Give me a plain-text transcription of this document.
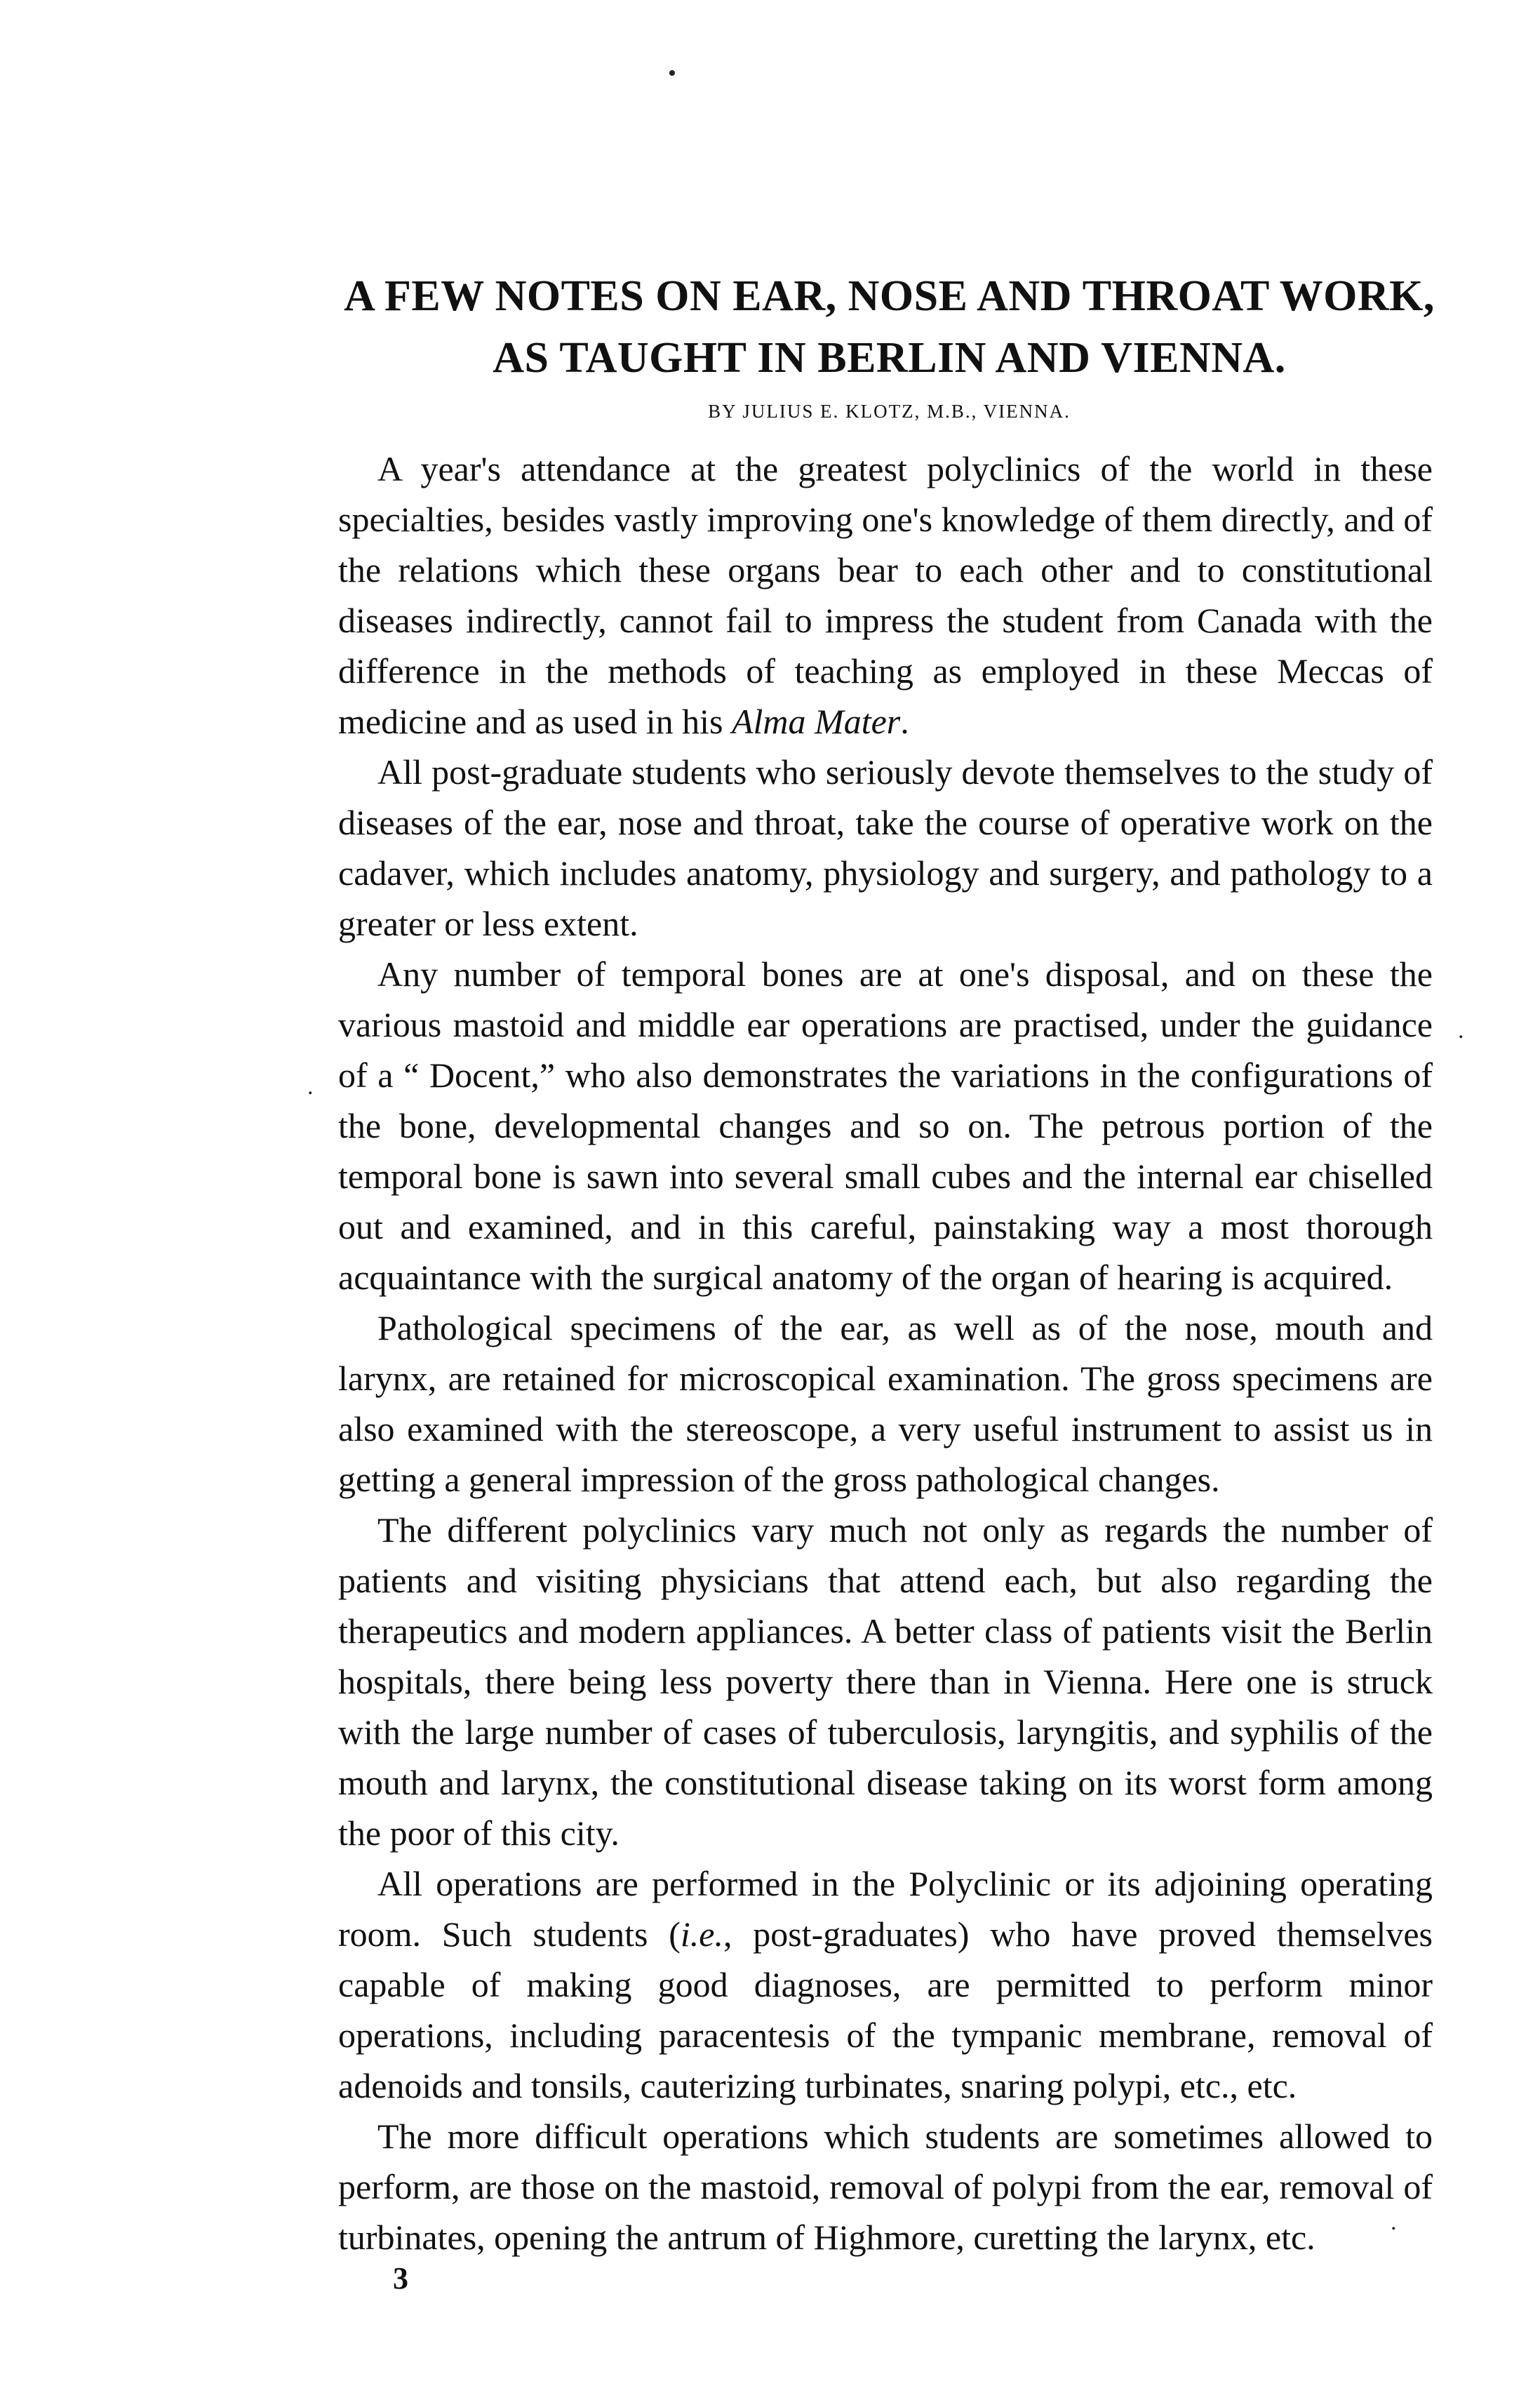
•
.
.
.
A FEW NOTES ON EAR, NOSE AND THROAT WORK,
AS TAUGHT IN BERLIN AND VIENNA.
BY JULIUS E. KLOTZ, M.B., VIENNA.

A year's attendance at the greatest polyclinics of the world in these specialties, besides vastly improving one's knowledge of them directly, and of the relations which these organs bear to each other and to constitutional diseases indirectly, cannot fail to impress the student from Canada with the difference in the methods of teaching as employed in these Meccas of medicine and as used in his Alma Mater.

All post-graduate students who seriously devote themselves to the study of diseases of the ear, nose and throat, take the course of operative work on the cadaver, which includes anatomy, physiology and surgery, and pathology to a greater or less extent.

Any number of temporal bones are at one's disposal, and on these the various mastoid and middle ear operations are practised, under the guidance of a “ Docent,” who also demonstrates the variations in the configurations of the bone, developmental changes and so on. The petrous portion of the temporal bone is sawn into several small cubes and the internal ear chiselled out and examined, and in this careful, painstaking way a most thorough acquaintance with the surgical anatomy of the organ of hearing is acquired.

Pathological specimens of the ear, as well as of the nose, mouth and larynx, are retained for microscopical examination. The gross specimens are also examined with the stereoscope, a very useful instrument to assist us in getting a general impression of the gross pathological changes.

The different polyclinics vary much not only as regards the number of patients and visiting physicians that attend each, but also regarding the therapeutics and modern appliances. A better class of patients visit the Berlin hospitals, there being less poverty there than in Vienna. Here one is struck with the large number of cases of tuberculosis, laryngitis, and syphilis of the mouth and larynx, the constitutional disease taking on its worst form among the poor of this city.

All operations are performed in the Polyclinic or its adjoining operating room. Such students (i.e., post-graduates) who have proved themselves capable of making good diagnoses, are permitted to perform minor operations, including paracentesis of the tympanic membrane, removal of adenoids and tonsils, cauterizing turbinates, snaring polypi, etc., etc.

The more difficult operations which students are sometimes allowed to perform, are those on the mastoid, removal of polypi from the ear, removal of turbinates, opening the antrum of Highmore, curetting the larynx, etc.

3
